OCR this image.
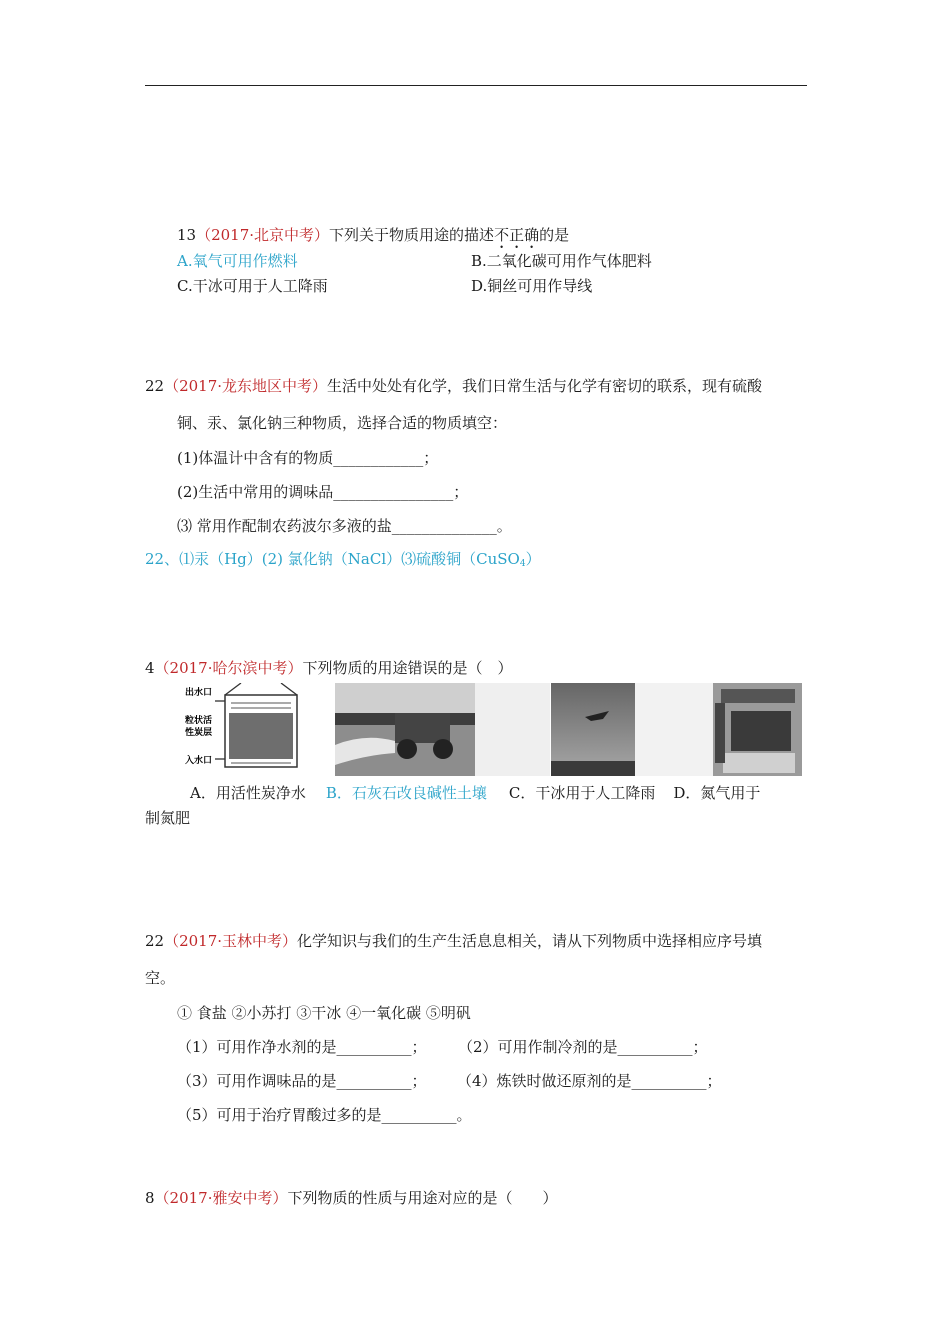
13（2017·北京中考）下列关于物质用途的描述不正确的是
A.氧气可用作燃料	B.二氧化碳可用作气体肥料
C.干冰可用于人工降雨	D.铜丝可用作导线
22（2017·龙东地区中考）生活中处处有化学，我们日常生活与化学有密切的联系，现有硫酸
铜、汞、氯化钠三种物质，选择合适的物质填空：
(1)体温计中含有的物质____________；
(2)生活中常用的调味品________________；
⑶ 常用作配制农药波尔多液的盐______________。
22、⑴汞（Hg）(2) 氯化钠（NaCl）⑶硫酸铜（CuSO$_4$）
4（2017·哈尔滨中考）下列物质的用途错误的是（　）
出水口
粒状活
性炭层
入水口
A．用活性炭净水 B．石灰石改良碱性土壤 C．干冰用于人工降雨 D．氮气用于
制氮肥
22（2017·玉林中考）化学知识与我们的生产生活息息相关，请从下列物质中选择相应序号填
空。
① 食盐 ②小苏打 ③干冰 ④一氧化碳 ⑤明矾
（1）可用作净水剂的是__________； （2）可用作制冷剂的是__________；
（3）可用作调味品的是__________； （4）炼铁时做还原剂的是__________；
（5）可用于治疗胃酸过多的是__________。
8（2017·雅安中考）下列物质的性质与用途对应的是（　　）
